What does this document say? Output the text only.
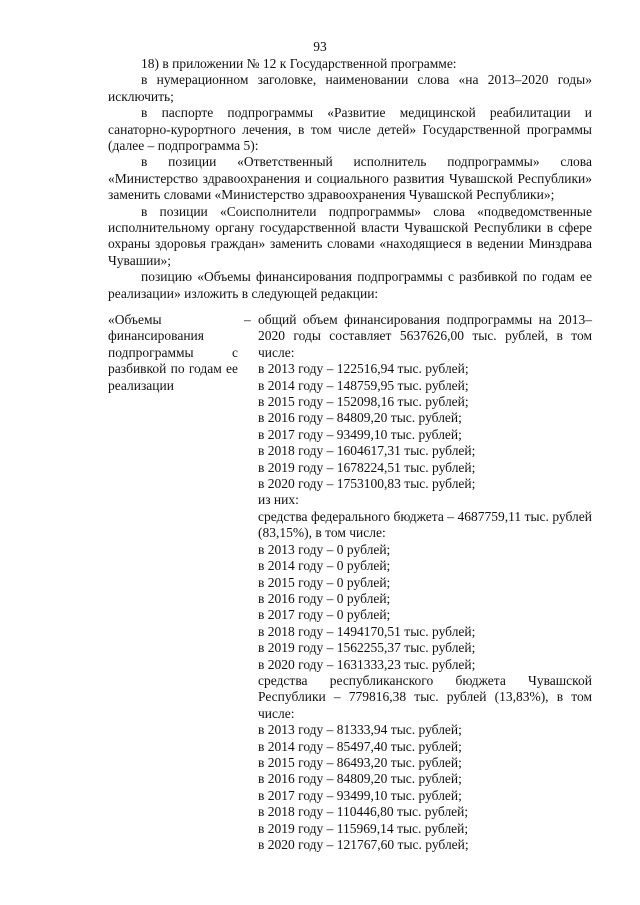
93

18) в приложении № 12 к Государственной программе:

в нумерационном заголовке, наименовании слова «на 2013–2020 годы» исключить;

в паспорте подпрограммы «Развитие медицинской реабилитации и санаторно-курортного лечения, в том числе детей» Государственной программы (далее – подпрограмма 5):

в позиции «Ответственный исполнитель подпрограммы» слова «Министерство здравоохранения и социального развития Чувашской Республики» заменить словами «Министерство здравоохранения Чувашской Республики»;

в позиции «Соисполнители подпрограммы» слова «подведомственные исполнительному органу государственной власти Чувашской Республики в сфере охраны здоровья граждан» заменить словами «находящиеся в ведении Минздрава Чувашии»;

позицию «Объемы финансирования подпрограммы с разбивкой по годам ее реализации» изложить в следующей редакции:

«Объемы финансирования подпрограммы с разбивкой по годам ее реализации
– общий объем финансирования подпрограммы на 2013–2020 годы составляет 5637626,00 тыс. рублей, в том числе:

в 2013 году – 122516,94 тыс. рублей;

в 2014 году – 148759,95 тыс. рублей;

в 2015 году – 152098,16 тыс. рублей;

в 2016 году – 84809,20 тыс. рублей;

в 2017 году – 93499,10 тыс. рублей;

в 2018 году – 1604617,31 тыс. рублей;

в 2019 году – 1678224,51 тыс. рублей;

в 2020 году – 1753100,83 тыс. рублей;

из них:

средства федерального бюджета – 4687759,11 тыс. рублей (83,15%), в том числе:

в 2013 году – 0 рублей;

в 2014 году – 0 рублей;

в 2015 году – 0 рублей;

в 2016 году – 0 рублей;

в 2017 году – 0 рублей;

в 2018 году – 1494170,51 тыс. рублей;

в 2019 году – 1562255,37 тыс. рублей;

в 2020 году – 1631333,23 тыс. рублей;

средства республиканского бюджета Чувашской Республики – 779816,38 тыс. рублей (13,83%), в том числе:

в 2013 году – 81333,94 тыс. рублей;

в 2014 году – 85497,40 тыс. рублей;

в 2015 году – 86493,20 тыс. рублей;

в 2016 году – 84809,20 тыс. рублей;

в 2017 году – 93499,10 тыс. рублей;

в 2018 году – 110446,80 тыс. рублей;

в 2019 году – 115969,14 тыс. рублей;

в 2020 году – 121767,60 тыс. рублей;
